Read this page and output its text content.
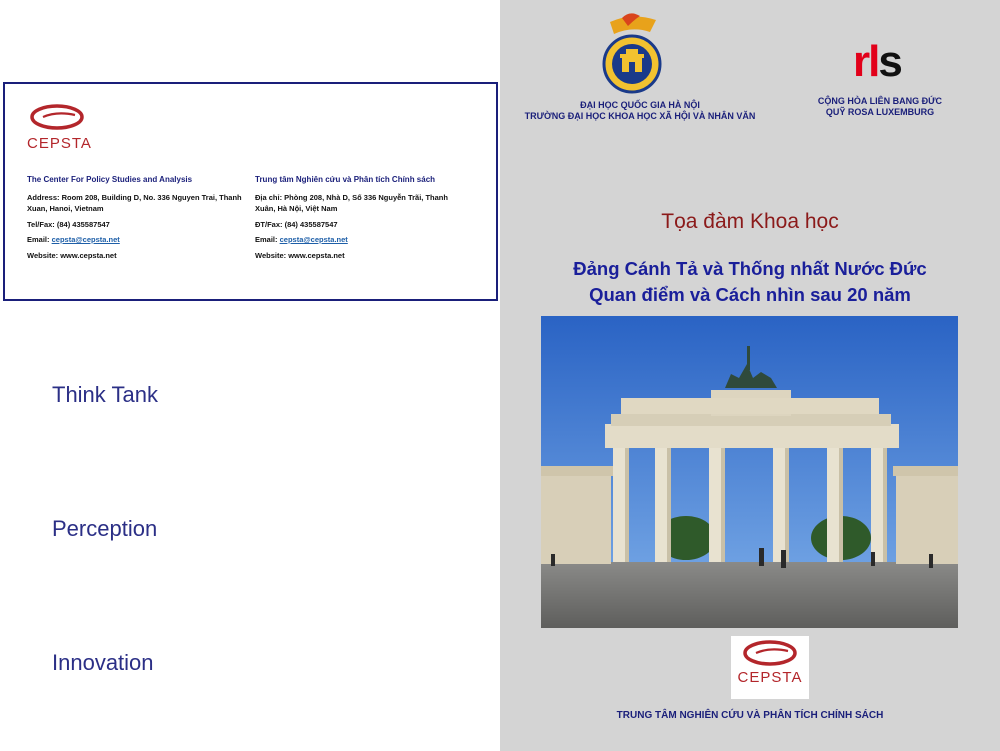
CEPSTA
The Center For Policy Studies and Analysis
Address: Room 208, Building D, No. 336 Nguyen Trai, Thanh Xuan, Hanoi, Vietnam
Tel/Fax: (84) 435587547
Email: cepsta@cepsta.net
Website: www.cepsta.net
Trung tâm Nghiên cứu và Phân tích Chính sách
Địa chỉ: Phòng 208, Nhà D, Số 336 Nguyễn Trãi, Thanh Xuân, Hà Nội, Việt Nam
ĐT/Fax: (84) 435587547
Email: cepsta@cepsta.net
Website: www.cepsta.net
Think Tank
Perception
Innovation
ĐẠI HỌC QUỐC GIA HÀ NỘI
TRƯỜNG ĐẠI HỌC KHOA HỌC XÃ HỘI VÀ NHÂN VĂN
rls
CỘNG HÒA LIÊN BANG ĐỨC
QUỸ ROSA LUXEMBURG
Tọa đàm Khoa học
Đảng Cánh Tả và Thống nhất Nước Đức
Quan điểm và Cách nhìn sau 20 năm
CEPSTA
TRUNG TÂM NGHIÊN CỨU VÀ PHÂN TÍCH CHÍNH SÁCH
